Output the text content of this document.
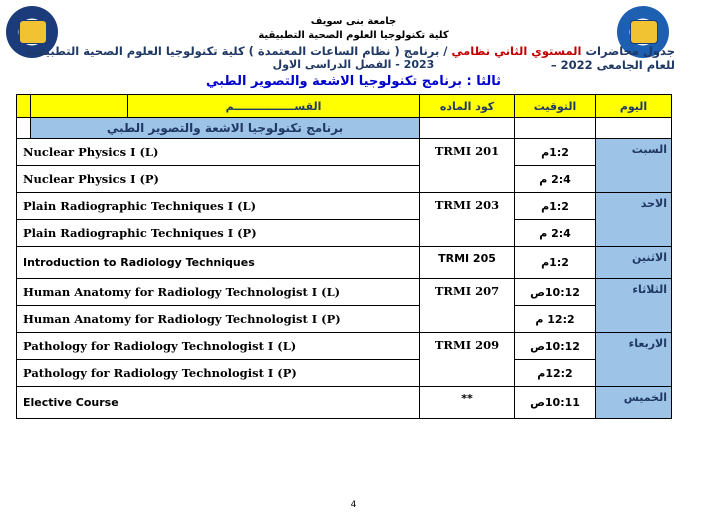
جامعة بنى سويف
كلية تكنولوجيا العلوم الصحية التطبيقية
جدول محاضرات المستوي الثاني نظامي / برنامج ( نظام الساعات المعتمدة ) كلية تكنولوجيا العلوم الصحية التطبيقية للعام الجامعى 2022 –
2023 - الفصل الدراسى الاول
ثالثا : برنامج تكنولوجيا الاشعة والتصوير الطبي
		القســــــــــــــــم	كود الماده	التوقيت	اليوم
	برنامج تكنولوجيا الاشعة والتصوير الطبي				
Nuclear Physics I (L)			TRMI 201	1:2م	السبت
Nuclear Physics I (P)				2:4 م	
Plain Radiographic Techniques I (L)			TRMI 203	1:2م	الاحد
Plain Radiographic Techniques I (P)				2:4 م	
Introduction to Radiology Techniques			TRMI 205	1:2م	الاثنين
Human Anatomy for Radiology Technologist I (L)			TRMI 207	10:12ص	الثلاثاء
Human Anatomy for Radiology Technologist I (P)				12:2 م	
Pathology for Radiology Technologist I (L)			TRMI 209	10:12ص	الاربعاء
Pathology for Radiology Technologist I (P)				12:2م	
Elective Course			**	10:11ص	الخميس
4
